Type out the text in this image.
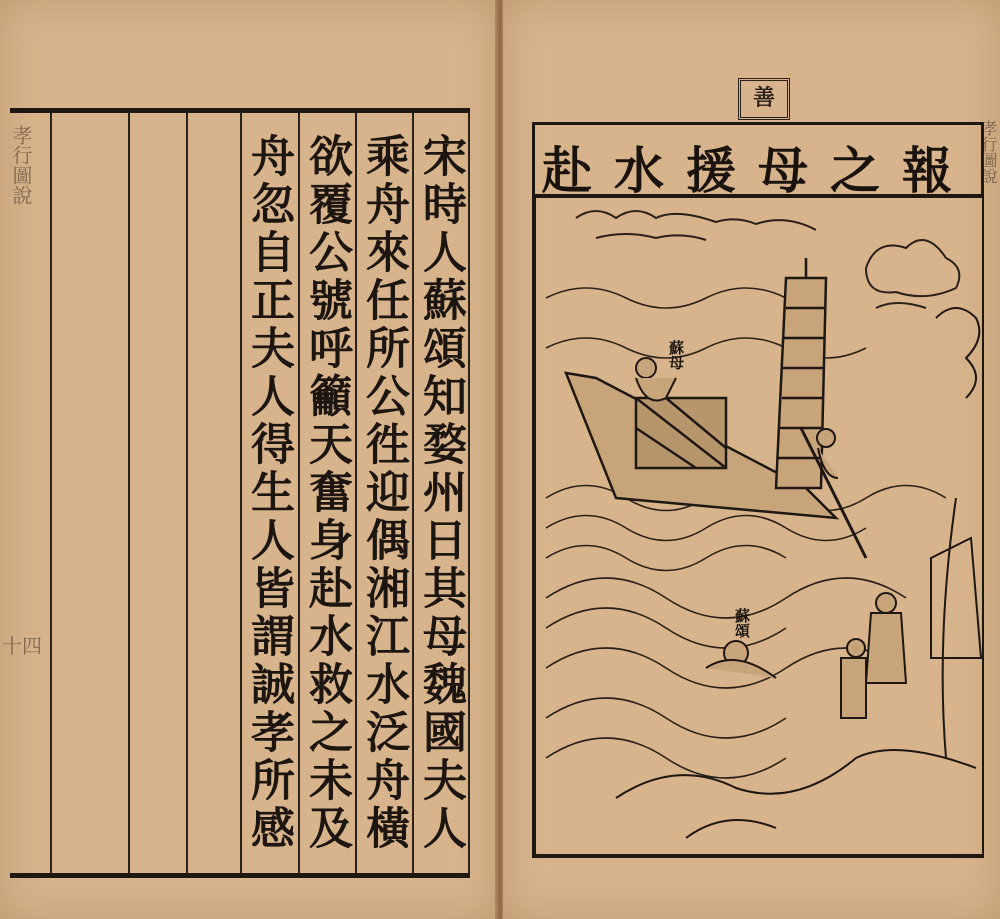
孝行圖說
十四	宋時人蘇頌知婺州日其母魏國夫人
乘舟來任所公徃迎偶湘江水泛舟橫
欲覆公號呼籲天奮身赴水救之未及
舟忽自正夫人得生人皆謂誠孝所感
善
赴水援母之報 孝行圖說
蘇母
蘇頌
